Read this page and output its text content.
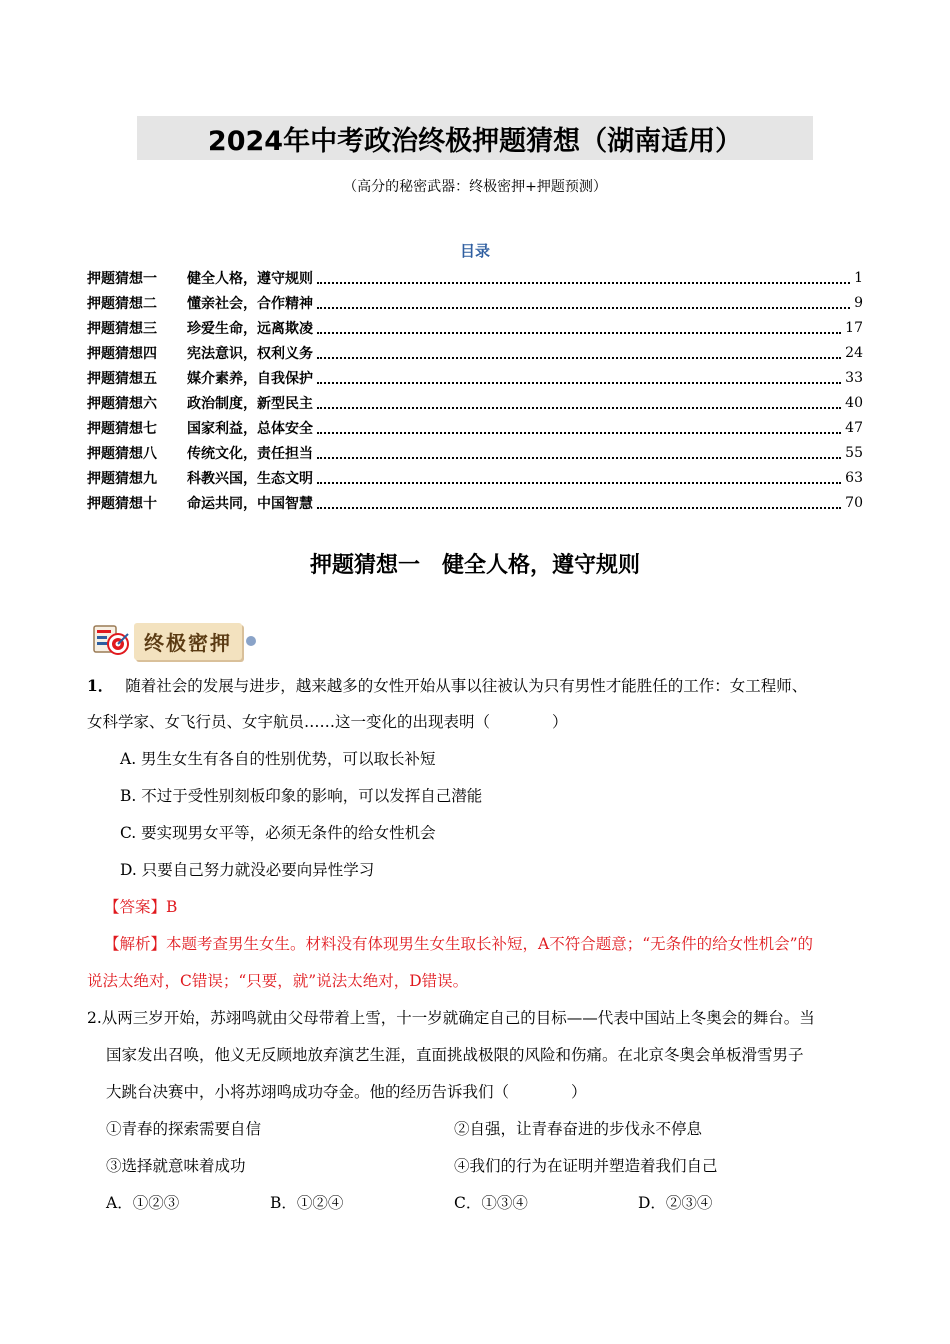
2024年中考政治终极押题猜想（湖南适用）
（高分的秘密武器：终极密押+押题预测）
目录
押题猜想一	健全人格，遵守规则	1
押题猜想二	懂亲社会，合作精神	9
押题猜想三	珍爱生命，远离欺凌	17
押题猜想四	宪法意识，权利义务	24
押题猜想五	媒介素养，自我保护	33
押题猜想六	政治制度，新型民主	40
押题猜想七	国家利益，总体安全	47
押题猜想八	传统文化，责任担当	55
押题猜想九	科教兴国，生态文明	63
押题猜想十	命运共同，中国智慧	70
押题猜想一　健全人格，遵守规则
终极密押
1． 随着社会的发展与进步，越来越多的女性开始从事以往被认为只有男性才能胜任的工作：女工程师、
女科学家、女飞行员、女宇航员……这一变化的出现表明（　　　　）
A. 男生女生有各自的性别优势，可以取长补短
B. 不过于受性别刻板印象的影响，可以发挥自己潜能
C. 要实现男女平等，必须无条件的给女性机会
D. 只要自己努力就没必要向异性学习
【答案】B
【解析】本题考查男生女生。材料没有体现男生女生取长补短，A不符合题意；“无条件的给女性机会”的
说法太绝对，C错误；“只要，就”说法太绝对，D错误。
2.从两三岁开始，苏翊鸣就由父母带着上雪，十一岁就确定自己的目标——代表中国站上冬奥会的舞台。当
国家发出召唤，他义无反顾地放弃演艺生涯，直面挑战极限的风险和伤痛。在北京冬奥会单板滑雪男子
大跳台决赛中，小将苏翊鸣成功夺金。他的经历告诉我们（　　　　）
①青春的探索需要自信	②自强，让青春奋进的步伐永不停息
③选择就意味着成功	④我们的行为在证明并塑造着我们自己
A．①②③	B．①②④	C．①③④	D．②③④
